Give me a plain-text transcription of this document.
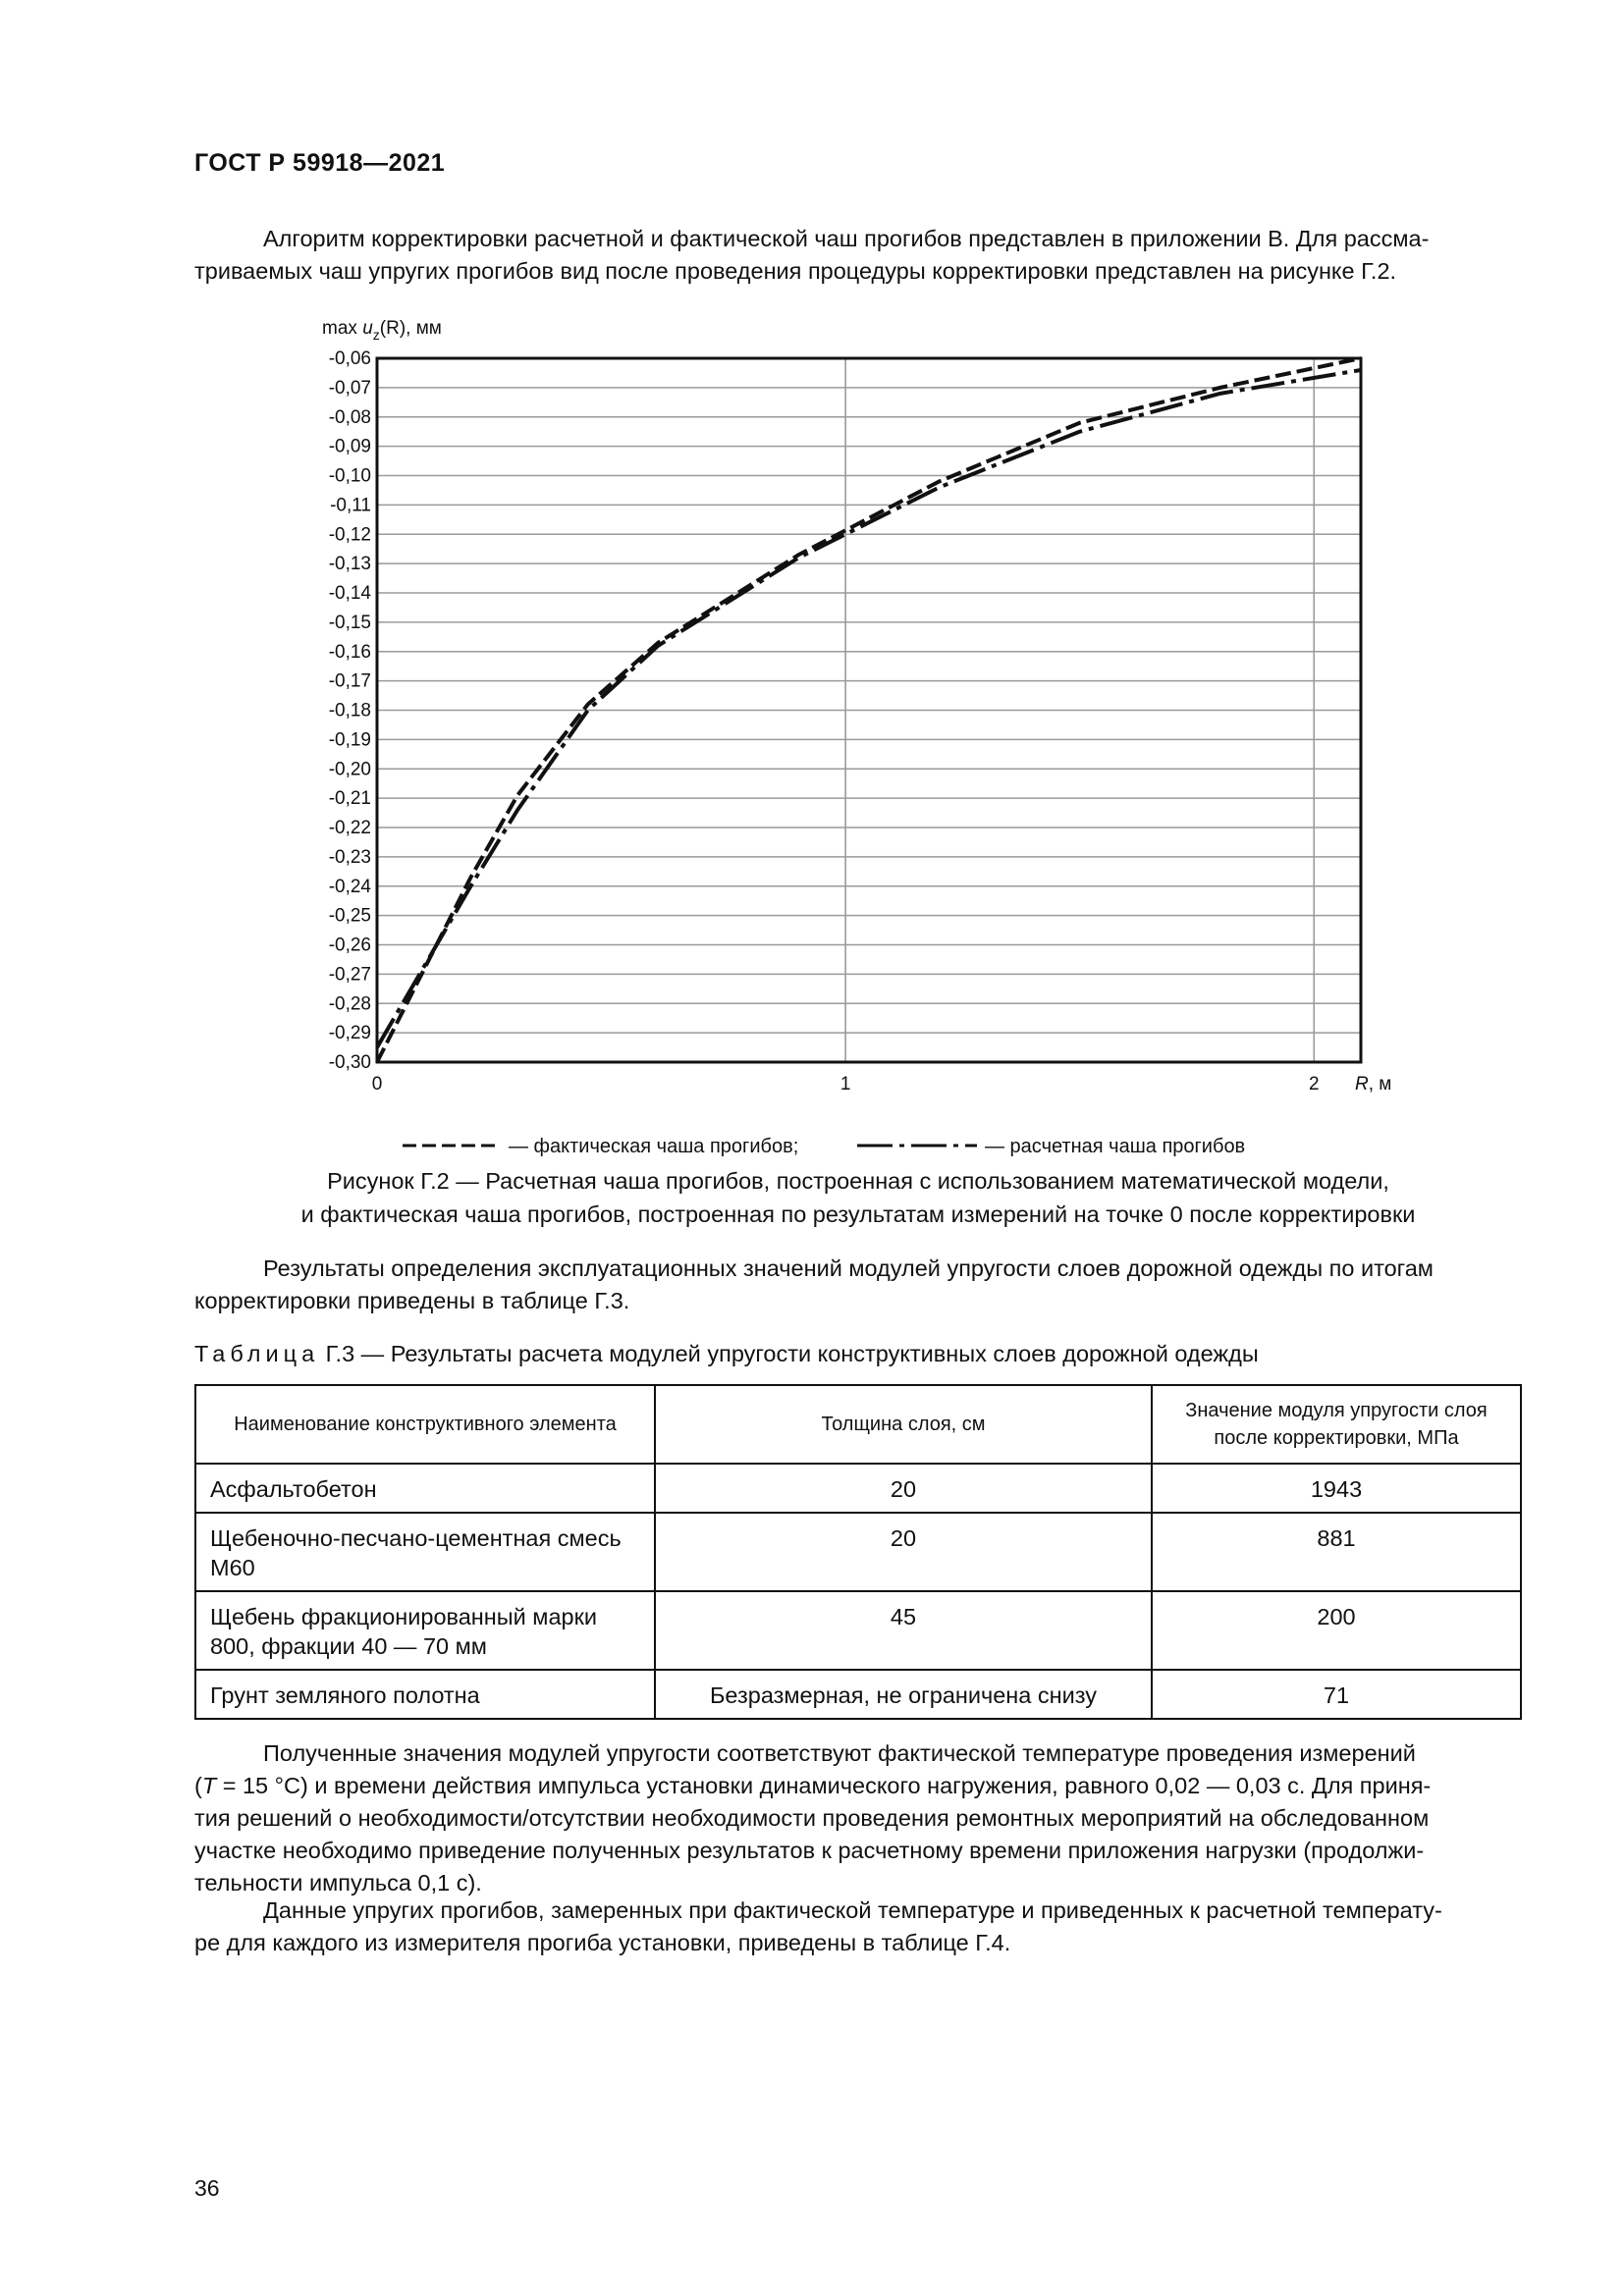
ГОСТ Р 59918—2021
Алгоритм корректировки расчетной и фактической чаш прогибов представлен в приложении В. Для рассма-
триваемых чаш упругих прогибов вид после проведения процедуры корректировки представлен на рисунке Г.2.
-0,06
-0,07
-0,08
-0,09
-0,10
-0,11
-0,12
-0,13
-0,14
-0,15
-0,16
-0,17
-0,18
-0,19
-0,20
-0,21
-0,22
-0,23
-0,24
-0,25
-0,26
-0,27
-0,28
-0,29
-0,30
0	1	2
$\max u_z(R)$, мм
R, м
— фактическая чаша прогибов;	— расчетная чаша прогибов
Рисунок Г.2 — Расчетная чаша прогибов, построенная с использованием математической модели,
и фактическая чаша прогибов, построенная по результатам измерений на точке 0 после корректировки
Результаты определения эксплуатационных значений модулей упругости слоев дорожной одежды по итогам
корректировки приведены в таблице Г.3.
Таблица Г.3 — Результаты расчета модулей упругости конструктивных слоев дорожной одежды
Наименование конструктивного элемента	Толщина слоя, см	Значение модуля упругости слоя после корректировки, МПа
Асфальтобетон	20	1943
Щебеночно-песчано-цементная смесь М60	20	881
Щебень фракционированный марки 800, фракции 40 — 70 мм	45	200
Грунт земляного полотна	Безразмерная, не ограничена снизу	71
Полученные значения модулей упругости соответствуют фактической температуре проведения измерений
(T = 15 °С) и времени действия импульса установки динамического нагружения, равного 0,02 — 0,03 с. Для приня-
тия решений о необходимости/отсутствии необходимости проведения ремонтных мероприятий на обследованном
участке необходимо приведение полученных результатов к расчетному времени приложения нагрузки (продолжи-
тельности импульса 0,1 с).
Данные упругих прогибов, замеренных при фактической температуре и приведенных к расчетной температу-
ре для каждого из измерителя прогиба установки, приведены в таблице Г.4.
36
